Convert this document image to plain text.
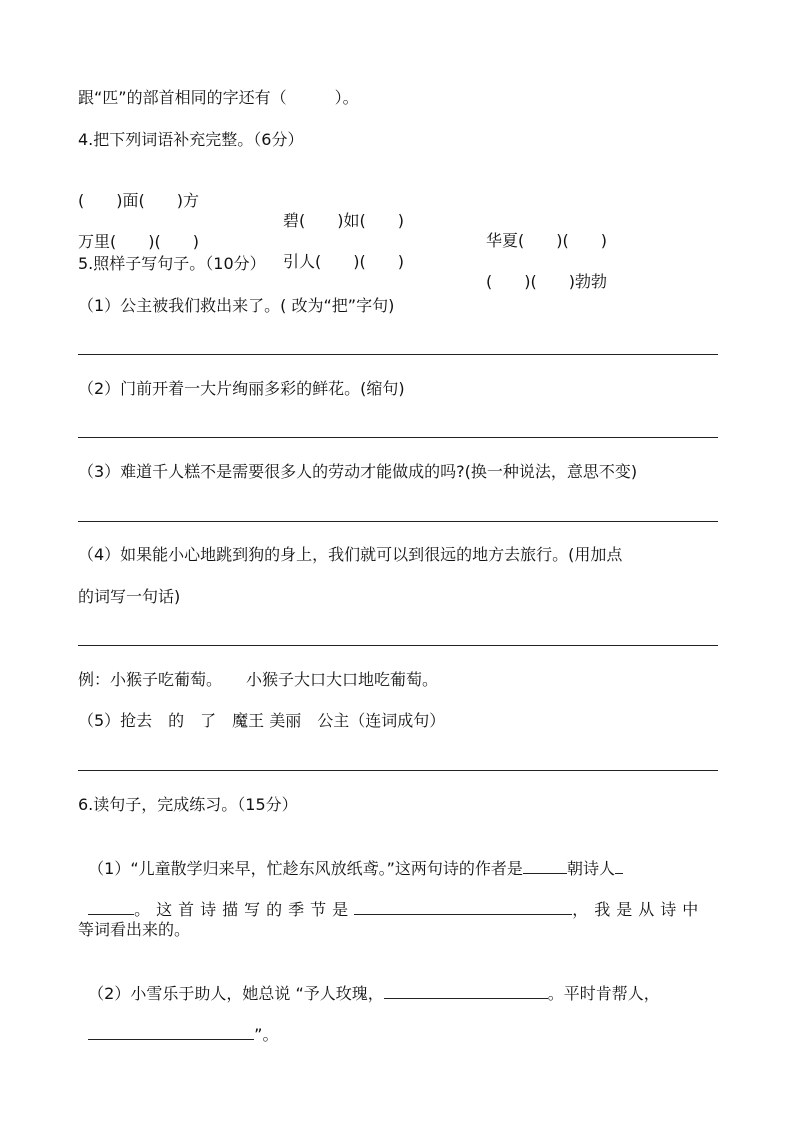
跟“匹”的部首相同的字还有（　　　）。
4.把下列词语补充完整。（6分）

(　　)面(　　)方

碧(　　)如(　　)

华夏(　　)(　　)

万里(　　)(　　)

引人(　　)(　　)

(　　)(　　)勃勃

5.照样子写句子。（10分）
（1）公主被我们救出来了。( 改为“把”字句)
（2）门前开着一大片绚丽多彩的鲜花。(缩句)
（3）难道千人糕不是需要很多人的劳动才能做成的吗?(换一种说法，意思不变)
（4）如果能小心地跳到狗的身上，我们就可以到很远的地方去旅行。(用加点
的词写一句话)
例：小猴子吃葡萄。　　小猴子大口大口地吃葡萄。
（5）抢去　的　了　魔王 美丽　公主（连词成句）
6.读句子，完成练习。（15分）

（1）“儿童散学归来早，忙趁东风放纸鸢。”这两句诗的作者是	朝诗人

。这首诗描写的季节是	，我是从诗中

等词看出来的。

（2）小雪乐于助人，她总说 “予人玫瑰，	。平时肯帮人，

”。
